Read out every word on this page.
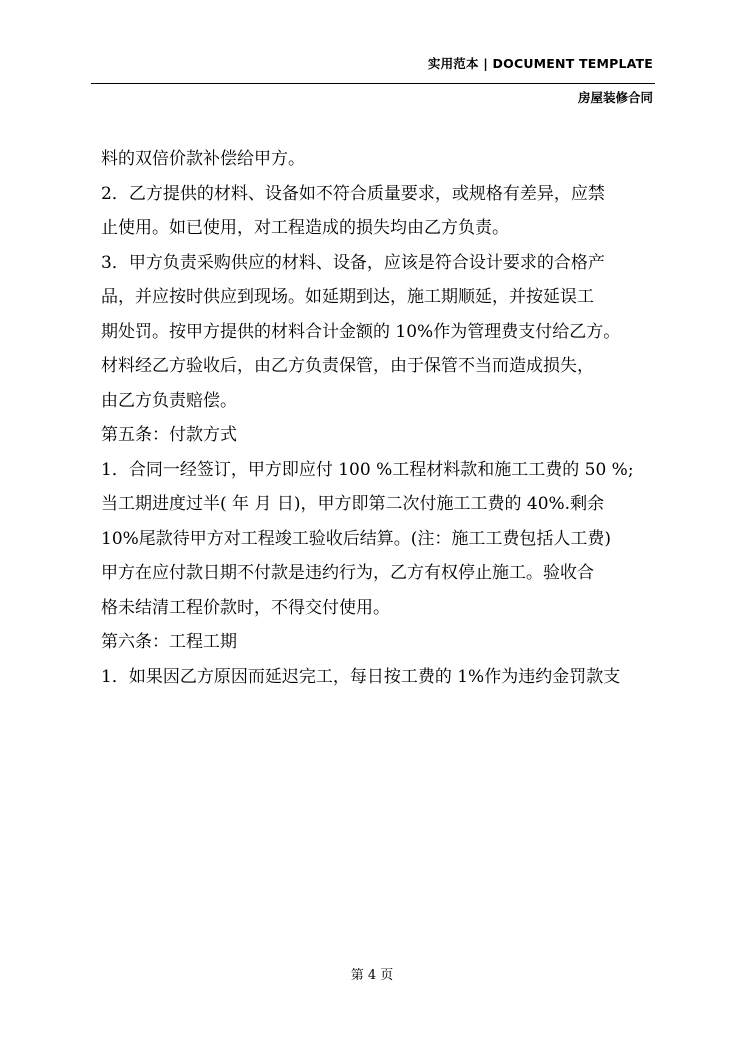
实用范本 | DOCUMENT TEMPLATE
房屋装修合同
料的双倍价款补偿给甲方。
2．乙方提供的材料、设备如不符合质量要求，或规格有差异，应禁
止使用。如已使用，对工程造成的损失均由乙方负责。
3．甲方负责采购供应的材料、设备，应该是符合设计要求的合格产
品，并应按时供应到现场。如延期到达，施工期顺延，并按延误工
期处罚。按甲方提供的材料合计金额的 10%作为管理费支付给乙方。
材料经乙方验收后，由乙方负责保管，由于保管不当而造成损失，
由乙方负责赔偿。
第五条：付款方式
1．合同一经签订，甲方即应付 100 %工程材料款和施工工费的 50 %;
当工期进度过半( 年 月 日)，甲方即第二次付施工工费的 40%.剩余
10%尾款待甲方对工程竣工验收后结算。(注：施工工费包括人工费)
甲方在应付款日期不付款是违约行为，乙方有权停止施工。验收合
格未结清工程价款时，不得交付使用。
第六条：工程工期
1．如果因乙方原因而延迟完工，每日按工费的 1%作为违约金罚款支
第 4 页
